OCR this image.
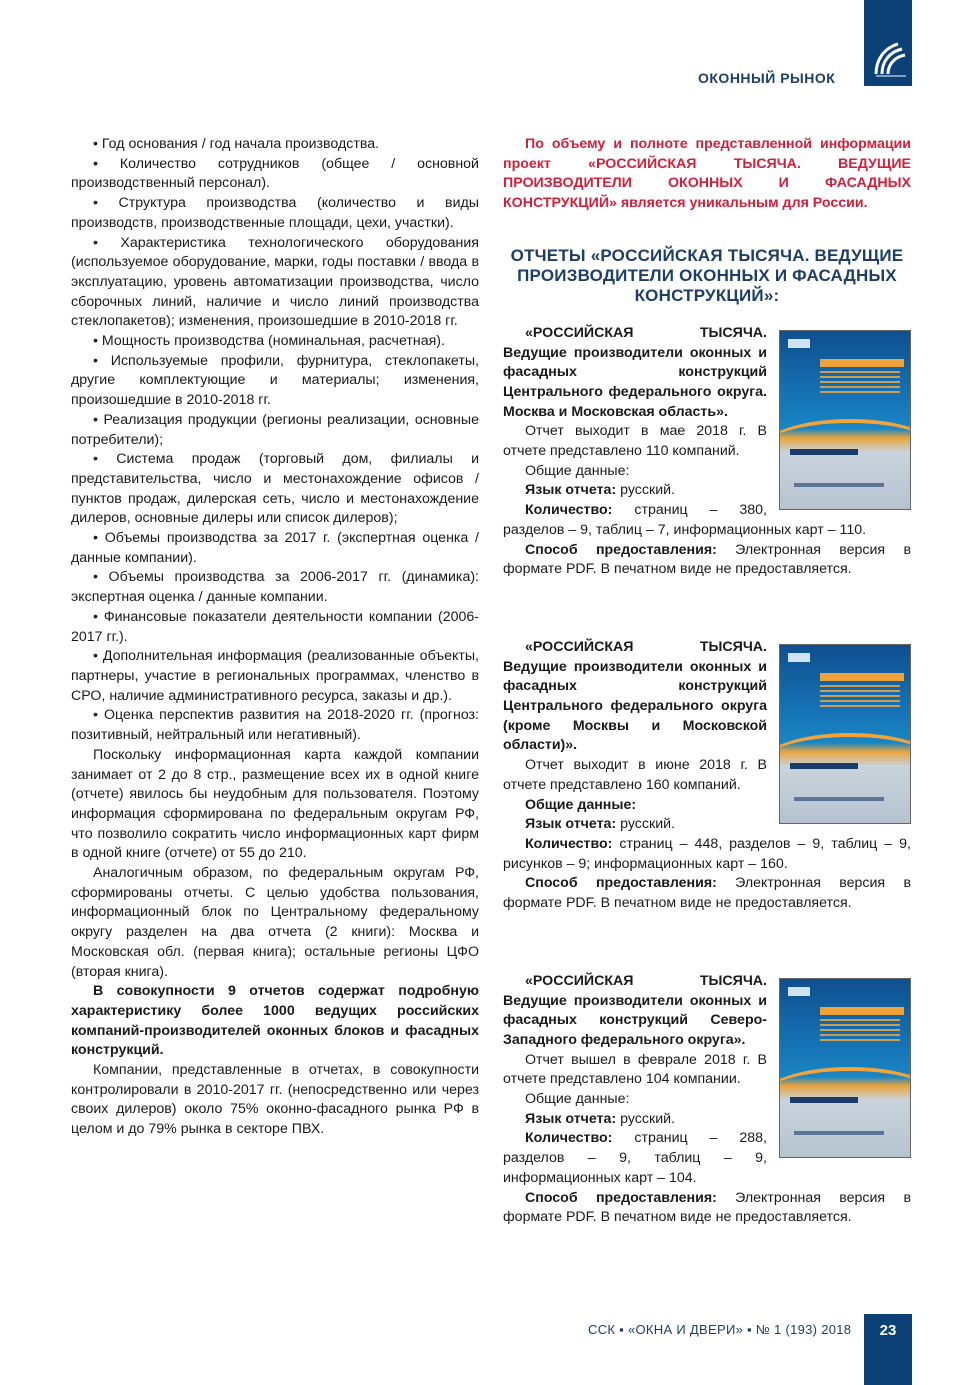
ОКОННЫЙ РЫНОК

• Год основания / год начала производства.

• Количество сотрудников (общее / основной производственный персонал).

• Структура производства (количество и виды производств, производственные площади, цехи, участки).

• Характеристика технологического оборудования (используемое оборудование, марки, годы поставки / ввода в эксплуатацию, уровень автоматизации производства, число сборочных линий, наличие и число линий производства стеклопакетов); изменения, произошедшие в 2010-2018 гг.

• Мощность производства (номинальная, расчетная).

• Используемые профили, фурнитура, стеклопакеты, другие комплектующие и материалы; изменения, произошедшие в 2010-2018 гг.

• Реализация продукции (регионы реализации, основные потребители);

• Система продаж (торговый дом, филиалы и представительства, число и местонахождение офисов / пунктов продаж, дилерская сеть, число и местонахождение дилеров, основные дилеры или список дилеров);

• Объемы производства за 2017 г. (экспертная оценка / данные компании).

• Объемы производства за 2006-2017 гг. (динамика): экспертная оценка / данные компании.

• Финансовые показатели деятельности компании (2006-2017 гг.).

• Дополнительная информация (реализованные объекты, партнеры, участие в региональных программах, членство в СРО, наличие административного ресурса, заказы и др.).

• Оценка перспектив развития на 2018-2020 гг. (прогноз: позитивный, нейтральный или негативный).

Поскольку информационная карта каждой компании занимает от 2 до 8 стр., размещение всех их в одной книге (отчете) явилось бы неудобным для пользователя. Поэтому информация сформирована по федеральным округам РФ, что позволило сократить число информационных карт фирм в одной книге (отчете) от 55 до 210.

Аналогичным образом, по федеральным округам РФ, сформированы отчеты. С целью удобства пользования, информационный блок по Центральному федеральному округу разделен на два отчета (2 книги): Москва и Московская обл. (первая книга); остальные регионы ЦФО (вторая книга).

В совокупности 9 отчетов содержат подробную характеристику более 1000 ведущих российских компаний-производителей оконных блоков и фасадных конструкций.

Компании, представленные в отчетах, в совокупности контролировали в 2010-2017 гг. (непосредственно или через своих дилеров) около 75% оконно-фасадного рынка РФ в целом и до 79% рынка в секторе ПВХ.

По объему и полноте представленной информации проект «РОССИЙСКАЯ ТЫСЯЧА. ВЕДУЩИЕ ПРОИЗВОДИТЕЛИ ОКОННЫХ И ФАСАДНЫХ КОНСТРУКЦИЙ» является уникальным для России.

ОТЧЕТЫ «РОССИЙСКАЯ ТЫСЯЧА. ВЕДУЩИЕ ПРОИЗВОДИТЕЛИ ОКОННЫХ И ФАСАДНЫХ КОНСТРУКЦИЙ»:

«РОССИЙСКАЯ ТЫСЯЧА. Ведущие производители оконных и фасадных конструкций Центрального федерального округа. Москва и Московская область».

Отчет выходит в мае 2018 г. В отчете представлено 110 компаний.

Общие данные:

Язык отчета: русский.

Количество: страниц – 380, разделов – 9, таблиц – 7, информационных карт – 110.

Способ предоставления: Электронная версия в формате PDF. В печатном виде не предоставляется.

«РОССИЙСКАЯ ТЫСЯЧА. Ведущие производители оконных и фасадных конструкций Центрального федерального округа (кроме Москвы и Московской области)».

Отчет выходит в июне 2018 г. В отчете представлено 160 компаний.

Общие данные:

Язык отчета: русский.

Количество: страниц – 448, разделов – 9, таблиц – 9, рисунков – 9; информационных карт – 160.

Способ предоставления: Электронная версия в формате PDF. В печатном виде не предоставляется.

«РОССИЙСКАЯ ТЫСЯЧА. Ведущие производители оконных и фасадных конструкций Северо-Западного федерального округа».

Отчет вышел в феврале 2018 г. В отчете представлено 104 компании.

Общие данные:

Язык отчета: русский.

Количество: страниц – 288, разделов – 9, таблиц – 9, информационных карт – 104.

Способ предоставления: Электронная версия в формате PDF. В печатном виде не предоставляется.

ССК ▪ «ОКНА И ДВЕРИ» ▪ № 1 (193) 2018	23
